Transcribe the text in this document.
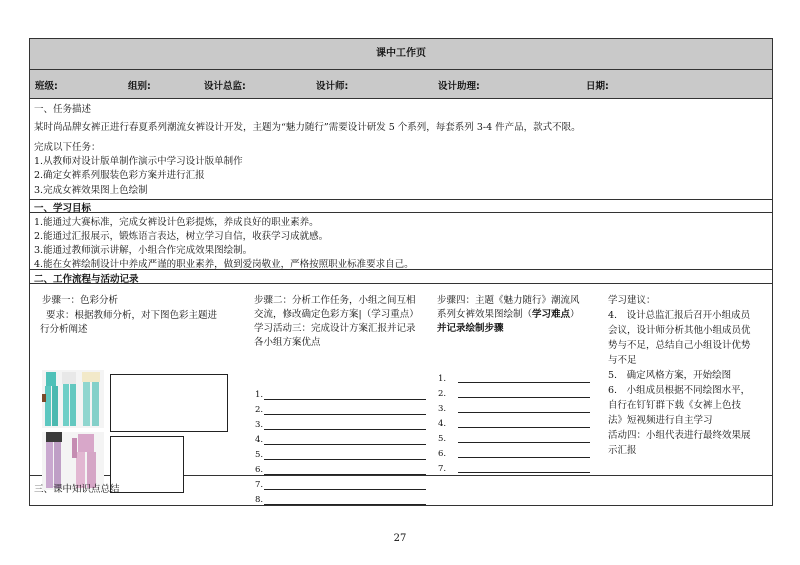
课中工作页
班级:	组别:	设计总监:	设计师:	设计助理:	日期:
一、任务描述
某时尚品牌女裤正进行春夏系列潮流女裤设计开发，主题为“魅力随行”需要设计研发 5 个系列，每套系列 3-4 件产品，款式不限。
完成以下任务：
1.从教师对设计版单制作演示中学习设计版单制作
2.确定女裤系列服装色彩方案并进行汇报
3.完成女裤效果图上色绘制
一、学习目标
1.能通过大赛标准，完成女裤设计色彩提炼，养成良好的职业素养。
2.能通过汇报展示，锻炼语言表达，树立学习自信，收获学习成就感。
3.能通过教师演示讲解，小组合作完成效果图绘制。
4.能在女裤绘制设计中养成严谨的职业素养，做到爱岗敬业，严格按照职业标准要求自己。
二、工作流程与活动记录
步骤一：色彩分析
要求：根据教师分析，对下图色彩主题进
行分析阐述
步骤二：分析工作任务，小组之间互相
交流，修改确定色彩方案|（学习重点）
学习活动三：完成设计方案汇报并记录
各小组方案优点
1.
2.
3.
4.
5.
6.
7.
8.
步骤四：主题《魅力随行》潮流风
系列女裤效果图绘制（学习难点）
并记录绘制步骤
1.
2.
3.
4.
5.
6.
7.
学习建议：
4.　设计总监汇报后召开小组成员
会议，设计师分析其他小组成员优
势与不足，总结自己小组设计优势
与不足
5.　确定风格方案，开始绘图
6.　小组成员根据不同绘图水平，
自行在钉钉群下载《女裤上色技
法》短视频进行自主学习
活动四：小组代表进行最终效果展
示汇报
三、课中知识点总结
27
